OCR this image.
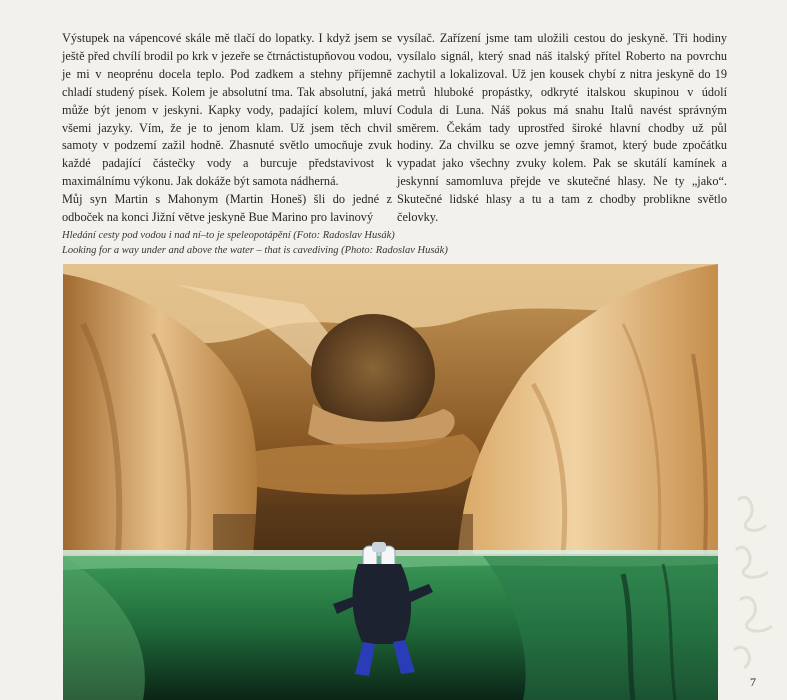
Výstupek na vápencové skále mě tlačí do lopatky. I když jsem se ještě před chvílí brodil po krk v jezeře se čtrnáctistupňovou vodou, je mi v neoprénu docela teplo. Pod zadkem a stehny příjemně chladí studený písek. Kolem je absolutní tma. Tak absolutní, jaká může být jenom v jeskyni. Kapky vody, padající kolem, mluví všemi jazyky. Vím, že je to jenom klam. Už jsem těch chvil samoty v podzemí zažil hodně. Zhasnuté světlo umocňuje zvuk každé padající částečky vody a burcuje představivost k maximálnímu výkonu. Jak dokáže být samota nádherná.

Můj syn Martin s Mahonym (Martin Honeš) šli do jedné z odboček na konci Jižní větve jeskyně Bue Marino pro lavinový

vysílač. Zařízení jsme tam uložili cestou do jeskyně. Tři hodiny vysílalo signál, který snad náš italský přítel Roberto na povrchu zachytil a lokalizoval. Už jen kousek chybí z nitra jeskyně do 19 metrů hluboké propástky, odkryté italskou skupinou v údolí Codula di Luna. Náš pokus má snahu Italů navést správným směrem. Čekám tady uprostřed široké hlavní chodby už půl hodiny. Za chvilku se ozve jemný šramot, který bude zpočátku vypadat jako všechny zvuky kolem. Pak se skutálí kamínek a jeskynní samomluva přejde ve skutečné hlasy. Ne ty „jako“. Skutečné lidské hlasy a tu a tam z chodby problikne světlo čelovky.

Hledání cesty pod vodou i nad ní–to je speleopotápění (Foto: Radoslav Husák)
Looking for a way under and above the water – that is cavediving (Photo: Radoslav Husák)
7
